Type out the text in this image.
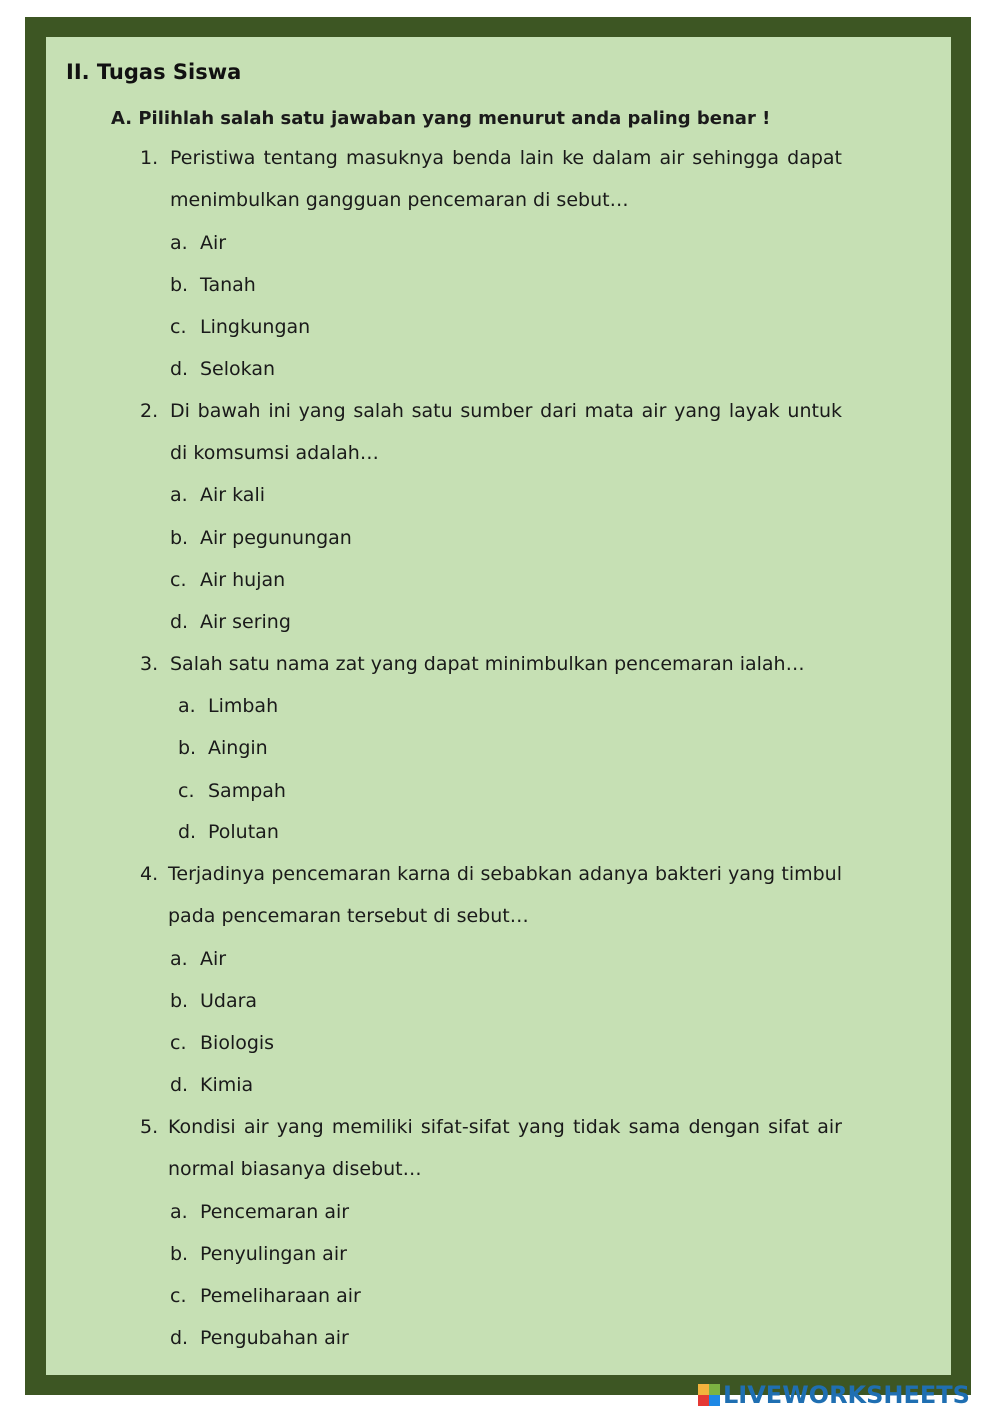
II. Tugas Siswa
A. Pilihlah salah satu jawaban yang menurut anda paling benar !
1. Peristiwa tentang masuknya benda lain ke dalam air sehingga dapat menimbulkan gangguan pencemaran di sebut…
a. Air
b. Tanah
c. Lingkungan
d. Selokan
2. Di bawah ini yang salah satu sumber dari mata air yang layak untuk di komsumsi adalah…
a. Air kali
b. Air pegunungan
c. Air hujan
d. Air sering
3. Salah satu nama zat yang dapat minimbulkan pencemaran ialah…
a. Limbah
b. Aingin
c. Sampah
d. Polutan
4. Terjadinya pencemaran karna di sebabkan adanya bakteri yang timbul pada pencemaran tersebut di sebut…
a. Air
b. Udara
c. Biologis
d. Kimia
5. Kondisi air yang memiliki sifat-sifat yang tidak sama dengan sifat air normal biasanya disebut…
a. Pencemaran air
b. Penyulingan air
c. Pemeliharaan air
d. Pengubahan air
LIVEWORKSHEETS
